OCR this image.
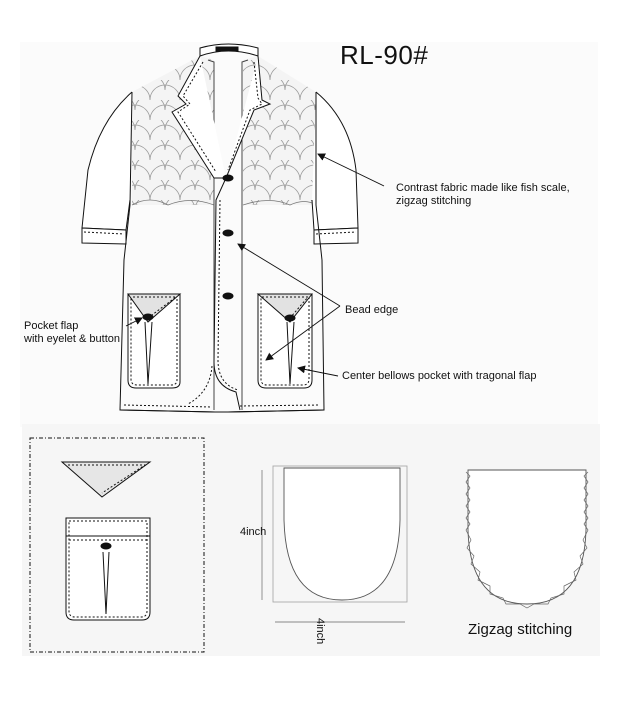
RL-90#
Contrast fabric made like fish scale,
zigzag stitching
Pocket flap
with eyelet & button
Bead edge
Center bellows pocket with tragonal flap
4inch
4inch	Zigzag stitching
